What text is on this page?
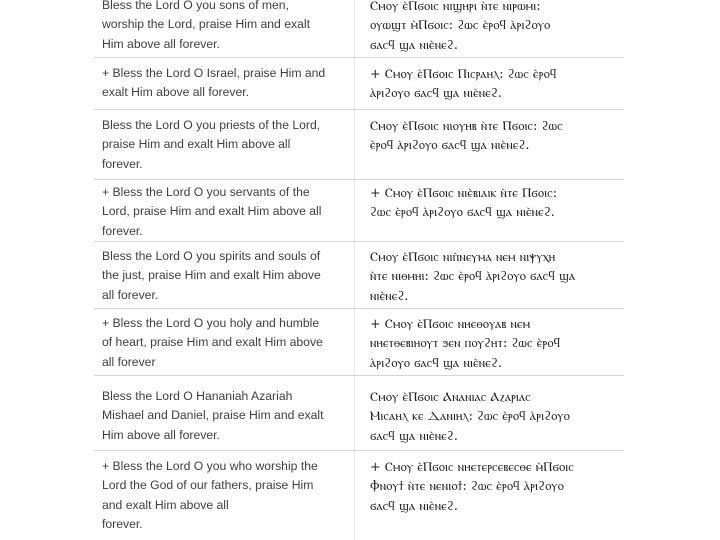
Bless the Lord O you sons of men,
worship the Lord, praise Him and exalt
Him above all forever.
Ⲥⲙⲟⲩ ⲉ̀Ⲡϭⲟⲓⲥ ⲛⲓϣⲏⲣⲓ ⲛ̀ⲧⲉ ⲛⲓⲣⲱⲙⲓ:
ⲟⲩⲱϣⲧ ⲙ̀Ⲡϭⲟⲓⲥ: ϩⲱⲥ ⲉ̀ⲣⲟϥ ⲁ̀ⲣⲓϩⲟⲩⲟ
ϭⲁⲥϥ ϣⲁ ⲛⲓⲉ̀ⲛⲉϩ.
+ Bless the Lord O Israel, praise Him and
exalt Him above all forever.
+ Ⲥⲙⲟⲩ ⲉ̀Ⲡϭⲟⲓⲥ Ⲡⲓⲥⲣⲁⲏⲗ: ϩⲱⲥ ⲉ̀ⲣⲟϥ
ⲁ̀ⲣⲓϩⲟⲩⲟ ϭⲁⲥϥ ϣⲁ ⲛⲓⲉ̀ⲛⲉϩ.
Bless the Lord O you priests of the Lord,
praise Him and exalt Him above all
forever.
Ⲥⲙⲟⲩ ⲉ̀Ⲡϭⲟⲓⲥ ⲛⲓⲟⲩⲏⲃ ⲛ̀ⲧⲉ Ⲡϭⲟⲓⲥ: ϩⲱⲥ
ⲉ̀ⲣⲟϥ ⲁ̀ⲣⲓϩⲟⲩⲟ ϭⲁⲥϥ ϣⲁ ⲛⲓⲉ̀ⲛⲉϩ.
+ Bless the Lord O you servants of the
Lord, praise Him and exalt Him above all
forever.
+ Ⲥⲙⲟⲩ ⲉ̀Ⲡϭⲟⲓⲥ ⲛⲓⲉ̀ⲃⲓⲁⲓⲕ ⲛ̀ⲧⲉ Ⲡϭⲟⲓⲥ:
ϩⲱⲥ ⲉ̀ⲣⲟϥ ⲁ̀ⲣⲓϩⲟⲩⲟ ϭⲁⲥϥ ϣⲁ ⲛⲓⲉ̀ⲛⲉϩ.
Bless the Lord O you spirits and souls of
the just, praise Him and exalt Him above
all forever.
Ⲥⲙⲟⲩ ⲉ̀Ⲡϭⲟⲓⲥ ⲛⲓⲡ̀ⲛⲉⲩⲙⲁ ⲛⲉⲙ ⲛⲓⲯⲩⲭⲏ
ⲛ̀ⲧⲉ ⲛⲓⲑⲙⲏⲓ: ϩⲱⲥ ⲉ̀ⲣⲟϥ ⲁ̀ⲣⲓϩⲟⲩⲟ ϭⲁⲥϥ ϣⲁ
ⲛⲓⲉ̀ⲛⲉϩ.
+ Bless the Lord O you holy and humble
of heart, praise Him and exalt Him above
all forever
+ Ⲥⲙⲟⲩ ⲉ̀Ⲡϭⲟⲓⲥ ⲛⲏⲉⲑⲟⲩⲁⲃ ⲛⲉⲙ
ⲛⲏⲉⲧⲑⲉⲃⲓⲏⲟⲩⲧ ϧⲉⲛ ⲡⲟⲩϩⲏⲧ: ϩⲱⲥ ⲉ̀ⲣⲟϥ
ⲁ̀ⲣⲓϩⲟⲩⲟ ϭⲁⲥϥ ϣⲁ ⲛⲓⲉ̀ⲛⲉϩ.
Bless the Lord O Hananiah Azariah
Mishael and Daniel, praise Him and exalt
Him above all forever.
Ⲥⲙⲟⲩ ⲉ̀Ⲡϭⲟⲓⲥ Ⲁⲛⲁⲛⲓⲁⲥ Ⲁⲍⲁⲣⲓⲁⲥ
Ⲙⲓⲥⲁⲏⲗ ⲕⲉ Ⲇⲁⲛⲓⲏⲗ: ϩⲱⲥ ⲉ̀ⲣⲟϥ ⲁ̀ⲣⲓϩⲟⲩⲟ
ϭⲁⲥϥ ϣⲁ ⲛⲓⲉ̀ⲛⲉϩ.
+ Bless the Lord O you who worship the
Lord the God of our fathers, praise Him
and exalt Him above all
forever.
+ Ⲥⲙⲟⲩ ⲉ̀Ⲡϭⲟⲓⲥ ⲛⲏⲉⲧⲉⲣⲥⲉⲃⲉⲥⲑⲉ ⲙ̀Ⲡϭⲟⲓⲥ
Ⲫⲛⲟⲩϯ ⲛ̀ⲧⲉ ⲛⲉⲛⲓⲟϯ: ϩⲱⲥ ⲉ̀ⲣⲟϥ ⲁ̀ⲣⲓϩⲟⲩⲟ
ϭⲁⲥϥ ϣⲁ ⲛⲓⲉ̀ⲛⲉϩ.
